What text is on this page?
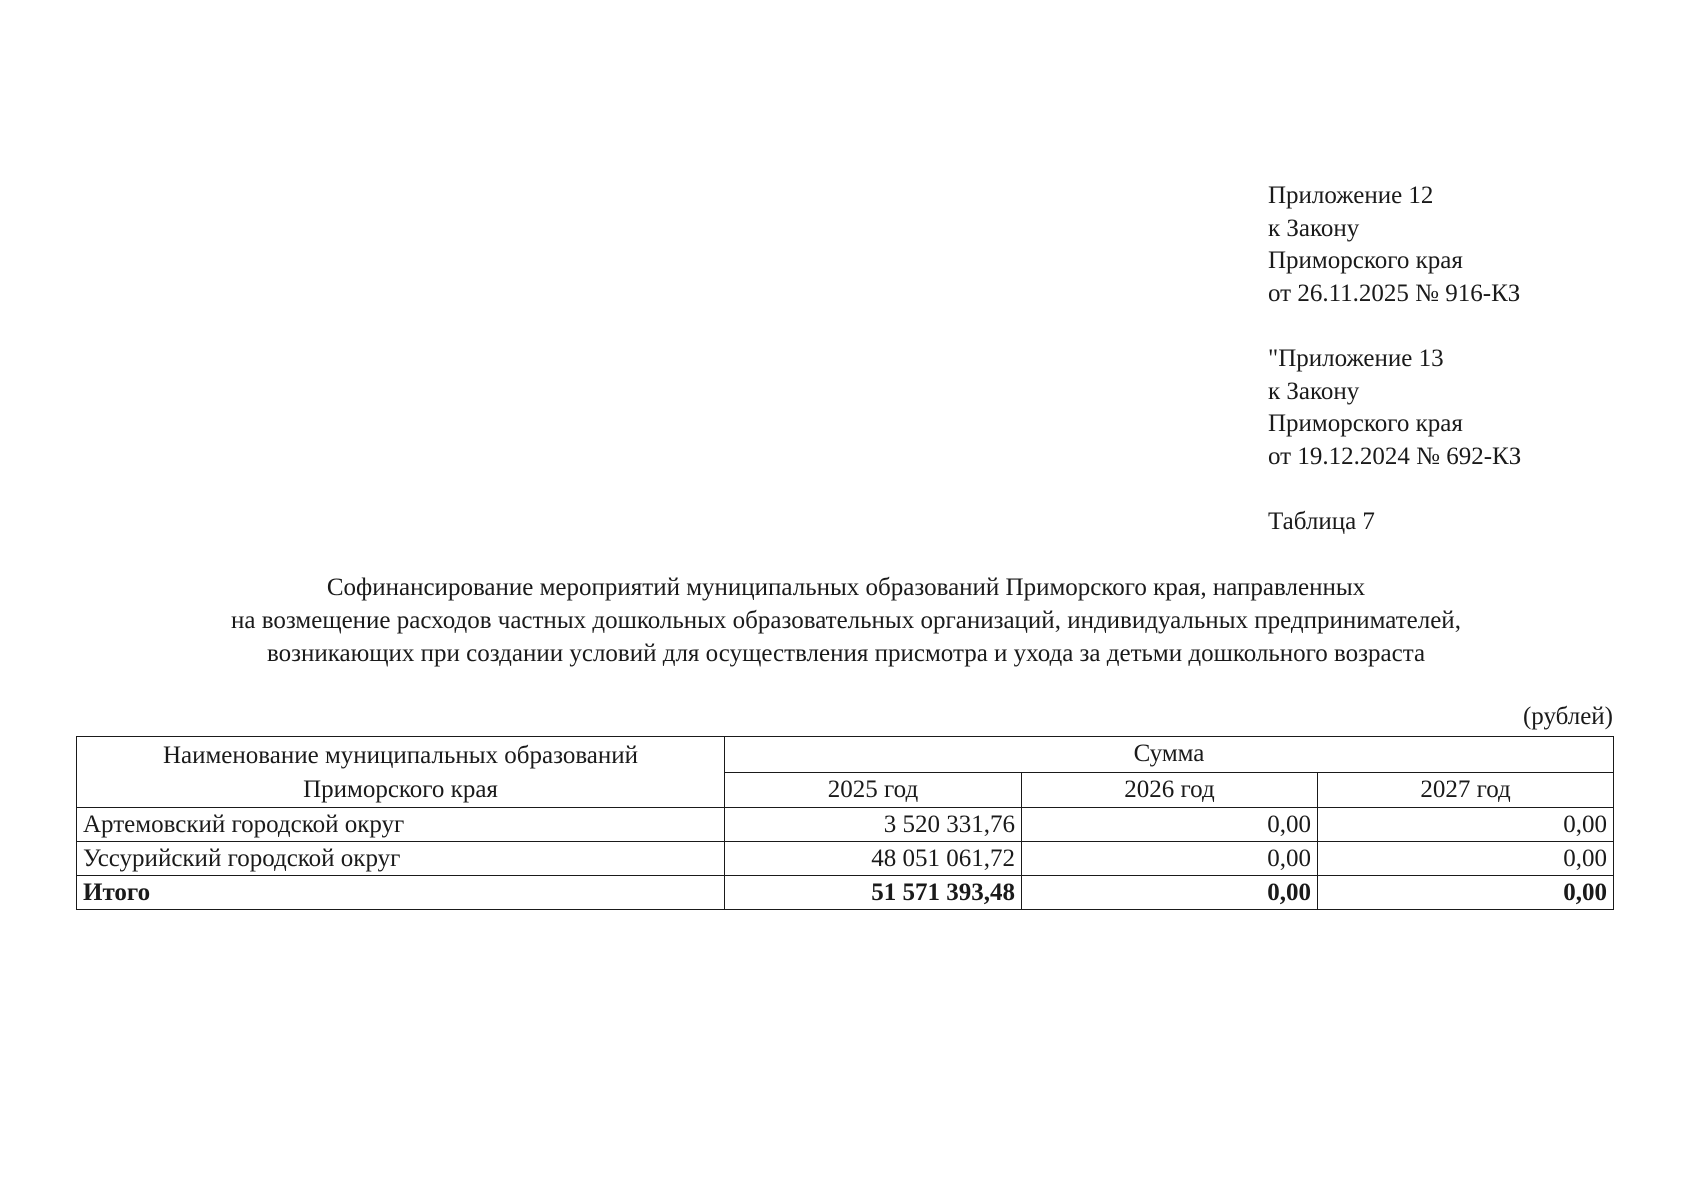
Приложение 12
к Закону
Приморского края
от 26.11.2025 № 916-КЗ
"Приложение 13
к Закону
Приморского края
от 19.12.2024 № 692-КЗ
Таблица 7
Софинансирование мероприятий муниципальных образований Приморского края, направленных
на возмещение расходов частных дошкольных образовательных организаций, индивидуальных предпринимателей,
возникающих при создании условий для осуществления присмотра и ухода за детьми дошкольного возраста
(рублей)
Наименование муниципальных образований
Приморского края	Сумма		
	2025 год	2026 год	2027 год
Артемовский городской округ	3 520 331,76	0,00	0,00
Уссурийский городской округ	48 051 061,72	0,00	0,00
Итого	51 571 393,48	0,00	0,00
